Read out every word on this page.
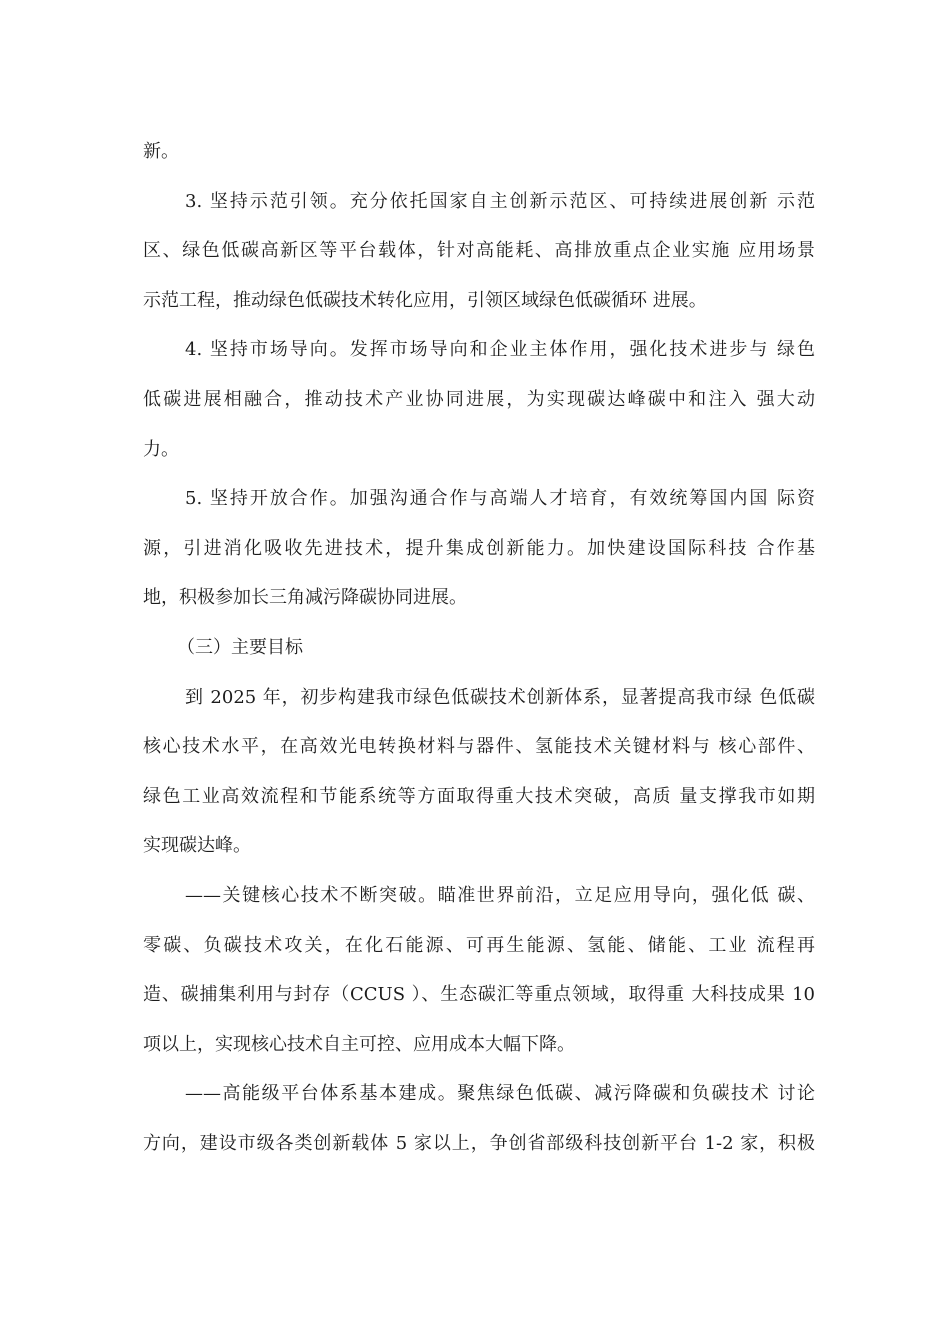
新。
3. 坚持示范引领。充分依托国家自主创新示范区、可持续进展创新 示范
区、绿色低碳高新区等平台载体，针对高能耗、高排放重点企业实施 应用场景
示范工程，推动绿色低碳技术转化应用，引领区域绿色低碳循环 进展。
4. 坚持市场导向。发挥市场导向和企业主体作用，强化技术进步与 绿色
低碳进展相融合，推动技术产业协同进展，为实现碳达峰碳中和注入 强大动
力。
5. 坚持开放合作。加强沟通合作与高端人才培育，有效统筹国内国 际资
源，引进消化吸收先进技术，提升集成创新能力。加快建设国际科技 合作基
地，积极参加长三角减污降碳协同进展。
（三）主要目标
到 2025 年，初步构建我市绿色低碳技术创新体系，显著提高我市绿 色低碳
核心技术水平，在高效光电转换材料与器件、氢能技术关键材料与 核心部件、
绿色工业高效流程和节能系统等方面取得重大技术突破，高质 量支撑我市如期
实现碳达峰。
——关键核心技术不断突破。瞄准世界前沿，立足应用导向，强化低 碳、
零碳、负碳技术攻关，在化石能源、可再生能源、氢能、储能、工业 流程再
造、碳捕集利用与封存（CCUS ）、生态碳汇等重点领域，取得重 大科技成果 10
项以上，实现核心技术自主可控、应用成本大幅下降。
——高能级平台体系基本建成。聚焦绿色低碳、减污降碳和负碳技术 讨论
方向，建设市级各类创新载体 5 家以上，争创省部级科技创新平台 1-2 家，积极
